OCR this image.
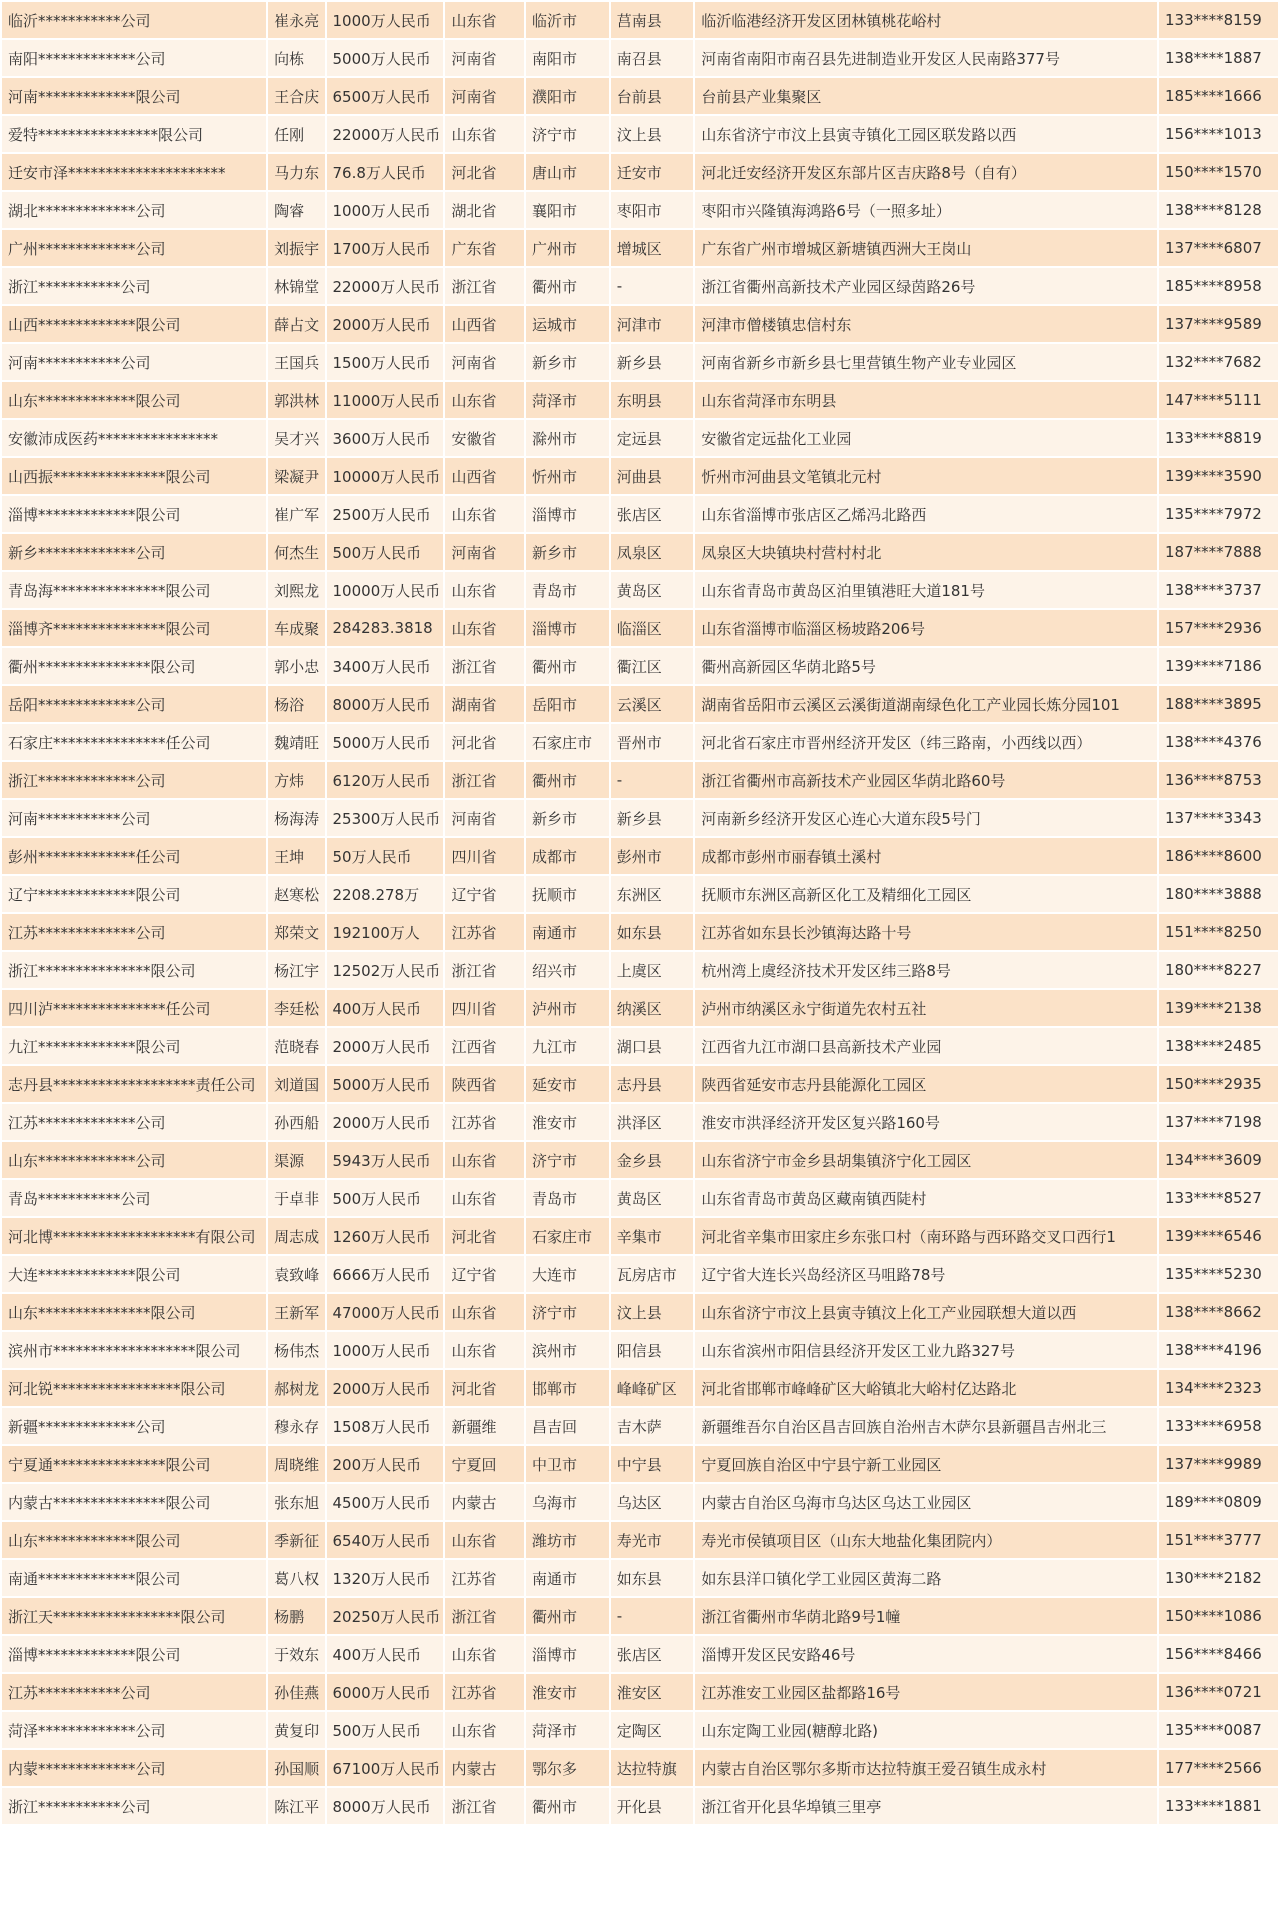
临沂***********公司	崔永亮	1000万人民币	山东省	临沂市	莒南县	临沂临港经济开发区团林镇桃花峪村	133****8159
南阳*************公司	向栋	5000万人民币	河南省	南阳市	南召县	河南省南阳市南召县先进制造业开发区人民南路377号	138****1887
河南*************限公司	王合庆	6500万人民币	河南省	濮阳市	台前县	台前县产业集聚区	185****1666
爱特****************限公司	任刚	22000万人民币	山东省	济宁市	汶上县	山东省济宁市汶上县寅寺镇化工园区联发路以西	156****1013
迁安市泽*********************	马力东	76.8万人民币	河北省	唐山市	迁安市	河北迁安经济开发区东部片区吉庆路8号（自有）	150****1570
湖北*************公司	陶睿	1000万人民币	湖北省	襄阳市	枣阳市	枣阳市兴隆镇海鸿路6号（一照多址）	138****8128
广州*************公司	刘振宇	1700万人民币	广东省	广州市	增城区	广东省广州市增城区新塘镇西洲大王岗山	137****6807
浙江***********公司	林锦堂	22000万人民币	浙江省	衢州市	-	浙江省衢州高新技术产业园区绿茵路26号	185****8958
山西*************限公司	薛占文	2000万人民币	山西省	运城市	河津市	河津市僧楼镇忠信村东	137****9589
河南***********公司	王国兵	1500万人民币	河南省	新乡市	新乡县	河南省新乡市新乡县七里营镇生物产业专业园区	132****7682
山东*************限公司	郭洪林	11000万人民币	山东省	菏泽市	东明县	山东省菏泽市东明县	147****5111
安徽沛成医药****************	吴才兴	3600万人民币	安徽省	滁州市	定远县	安徽省定远盐化工业园	133****8819
山西振***************限公司	梁凝尹	10000万人民币	山西省	忻州市	河曲县	忻州市河曲县文笔镇北元村	139****3590
淄博*************限公司	崔广军	2500万人民币	山东省	淄博市	张店区	山东省淄博市张店区乙烯冯北路西	135****7972
新乡*************公司	何杰生	500万人民币	河南省	新乡市	凤泉区	凤泉区大块镇块村营村村北	187****7888
青岛海***************限公司	刘熙龙	10000万人民币	山东省	青岛市	黄岛区	山东省青岛市黄岛区泊里镇港旺大道181号	138****3737
淄博齐***************限公司	车成聚	284283.3818	山东省	淄博市	临淄区	山东省淄博市临淄区杨坡路206号	157****2936
衢州***************限公司	郭小忠	3400万人民币	浙江省	衢州市	衢江区	衢州高新园区华荫北路5号	139****7186
岳阳*************公司	杨浴	8000万人民币	湖南省	岳阳市	云溪区	湖南省岳阳市云溪区云溪街道湖南绿色化工产业园长炼分园101	188****3895
石家庄***************任公司	魏靖旺	5000万人民币	河北省	石家庄市	晋州市	河北省石家庄市晋州经济开发区（纬三路南，小西线以西）	138****4376
浙江*************公司	方炜	6120万人民币	浙江省	衢州市	-	浙江省衢州市高新技术产业园区华荫北路60号	136****8753
河南***********公司	杨海涛	25300万人民币	河南省	新乡市	新乡县	河南新乡经济开发区心连心大道东段5号门	137****3343
彭州*************任公司	王坤	50万人民币	四川省	成都市	彭州市	成都市彭州市丽春镇土溪村	186****8600
辽宁*************限公司	赵寒松	2208.278万	辽宁省	抚顺市	东洲区	抚顺市东洲区高新区化工及精细化工园区	180****3888
江苏*************公司	郑荣文	192100万人	江苏省	南通市	如东县	江苏省如东县长沙镇海达路十号	151****8250
浙江***************限公司	杨江宇	12502万人民币	浙江省	绍兴市	上虞区	杭州湾上虞经济技术开发区纬三路8号	180****8227
四川泸***************任公司	李廷松	400万人民币	四川省	泸州市	纳溪区	泸州市纳溪区永宁街道先农村五社	139****2138
九江*************限公司	范晓春	2000万人民币	江西省	九江市	湖口县	江西省九江市湖口县高新技术产业园	138****2485
志丹县*******************责任公司	刘道国	5000万人民币	陕西省	延安市	志丹县	陕西省延安市志丹县能源化工园区	150****2935
江苏*************公司	孙西船	2000万人民币	江苏省	淮安市	洪泽区	淮安市洪泽经济开发区复兴路160号	137****7198
山东*************公司	渠源	5943万人民币	山东省	济宁市	金乡县	山东省济宁市金乡县胡集镇济宁化工园区	134****3609
青岛***********公司	于卓非	500万人民币	山东省	青岛市	黄岛区	山东省青岛市黄岛区藏南镇西陡村	133****8527
河北博*******************有限公司	周志成	1260万人民币	河北省	石家庄市	辛集市	河北省辛集市田家庄乡东张口村（南环路与西环路交叉口西行1	139****6546
大连*************限公司	袁致峰	6666万人民币	辽宁省	大连市	瓦房店市	辽宁省大连长兴岛经济区马咀路78号	135****5230
山东***************限公司	王新军	47000万人民币	山东省	济宁市	汶上县	山东省济宁市汶上县寅寺镇汶上化工产业园联想大道以西	138****8662
滨州市*******************限公司	杨伟杰	1000万人民币	山东省	滨州市	阳信县	山东省滨州市阳信县经济开发区工业九路327号	138****4196
河北锐*****************限公司	郝树龙	2000万人民币	河北省	邯郸市	峰峰矿区	河北省邯郸市峰峰矿区大峪镇北大峪村亿达路北	134****2323
新疆*************公司	穆永存	1508万人民币	新疆维	昌吉回	吉木萨	新疆维吾尔自治区昌吉回族自治州吉木萨尔县新疆昌吉州北三	133****6958
宁夏通***************限公司	周晓维	200万人民币	宁夏回	中卫市	中宁县	宁夏回族自治区中宁县宁新工业园区	137****9989
内蒙古***************限公司	张东旭	4500万人民币	内蒙古	乌海市	乌达区	内蒙古自治区乌海市乌达区乌达工业园区	189****0809
山东*************限公司	季新征	6540万人民币	山东省	潍坊市	寿光市	寿光市侯镇项目区（山东大地盐化集团院内）	151****3777
南通*************限公司	葛八权	1320万人民币	江苏省	南通市	如东县	如东县洋口镇化学工业园区黄海二路	130****2182
浙江天*****************限公司	杨鹏	20250万人民币	浙江省	衢州市	-	浙江省衢州市华荫北路9号1幢	150****1086
淄博*************限公司	于效东	400万人民币	山东省	淄博市	张店区	淄博开发区民安路46号	156****8466
江苏***********公司	孙佳燕	6000万人民币	江苏省	淮安市	淮安区	江苏淮安工业园区盐都路16号	136****0721
菏泽*************公司	黄复印	500万人民币	山东省	菏泽市	定陶区	山东定陶工业园(糖醇北路)	135****0087
内蒙*************公司	孙国顺	67100万人民币	内蒙古	鄂尔多	达拉特旗	内蒙古自治区鄂尔多斯市达拉特旗王爱召镇生成永村	177****2566
浙江***********公司	陈江平	8000万人民币	浙江省	衢州市	开化县	浙江省开化县华埠镇三里亭	133****1881
